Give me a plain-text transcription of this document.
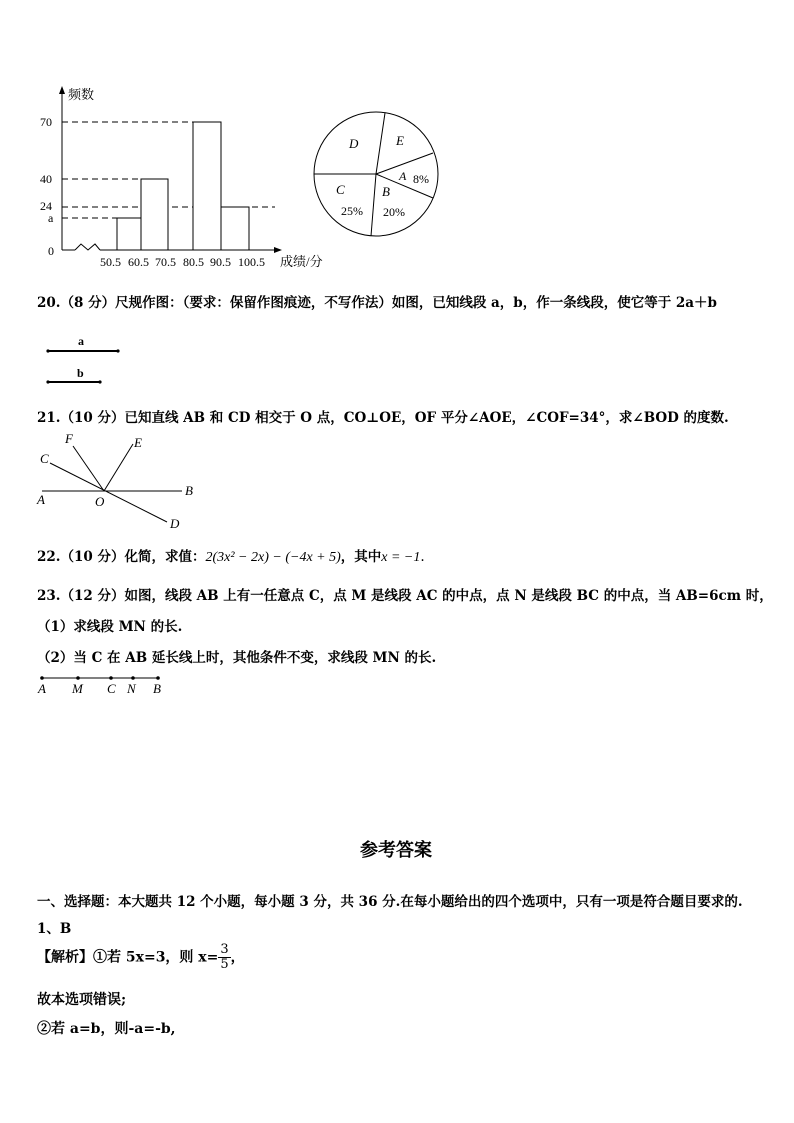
频数
70
40
24
a
0
50.5 60.5 70.5 80.5 90.5 100.5 成绩/分
D	E
A 8%
C
25%
B
20%
20.（8 分）尺规作图：（要求：保留作图痕迹，不写作法）如图，已知线段 a，b，作一条线段，使它等于 2a＋b
a
b
21.（10 分）已知直线 AB 和 CD 相交于 O 点，CO⊥OE，OF 平分∠AOE，∠COF=34°，求∠BOD 的度数.
F	E
C
A	O
B
D
22.（10 分）化简，求值：2(3x² − 2x) − (−4x + 5)，其中x = −1.
23.（12 分）如图，线段 AB 上有一任意点 C，点 M 是线段 AC 的中点，点 N 是线段 BC 的中点，当 AB=6cm 时，
（1）求线段 MN 的长.
（2）当 C 在 AB 延长线上时，其他条件不变，求线段 MN 的长.
A M C N B
参考答案
一、选择题：本大题共 12 个小题，每小题 3 分，共 36 分.在每小题给出的四个选项中，只有一项是符合题目要求的.
1、B
【解析】①若 5x=3，则 $x= \frac{3}{5}$ ，
故本选项错误;
②若 a=b，则-a=-b,
